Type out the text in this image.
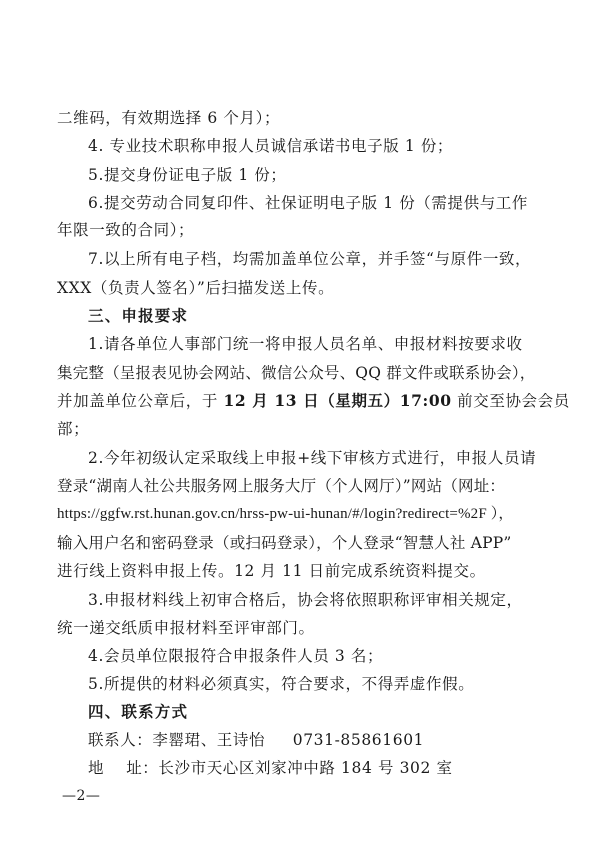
二维码，有效期选择 6 个月）；
4. 专业技术职称申报人员诚信承诺书电子版 1 份；
5.提交身份证电子版 1 份；
6.提交劳动合同复印件、社保证明电子版 1 份（需提供与工作
年限一致的合同）；
7.以上所有电子档，均需加盖单位公章，并手签“与原件一致，
XXX（负责人签名）”后扫描发送上传。
三、申报要求
1.请各单位人事部门统一将申报人员名单、申报材料按要求收
集完整（呈报表见协会网站、微信公众号、QQ 群文件或联系协会），
并加盖单位公章后，于 12 月 13 日（星期五）17:00 前交至协会会员
部；
2.今年初级认定采取线上申报+线下审核方式进行，申报人员请
登录“湖南人社公共服务网上服务大厅（个人网厅）”网站（网址：
https://ggfw.rst.hunan.gov.cn/hrss-pw-ui-hunan/#/login?redirect=%2F ），
输入用户名和密码登录（或扫码登录），个人登录“智慧人社 APP”
进行线上资料申报上传。12 月 11 日前完成系统资料提交。
3.申报材料线上初审合格后，协会将依照职称评审相关规定，
统一递交纸质申报材料至评审部门。
4.会员单位限报符合申报条件人员 3 名；
5.所提供的材料必须真实，符合要求，不得弄虚作假。
四、联系方式
联系人：李罂珺、王诗怡     0731-85861601
地    址：长沙市天心区刘家冲中路 184 号 302 室
—2—
